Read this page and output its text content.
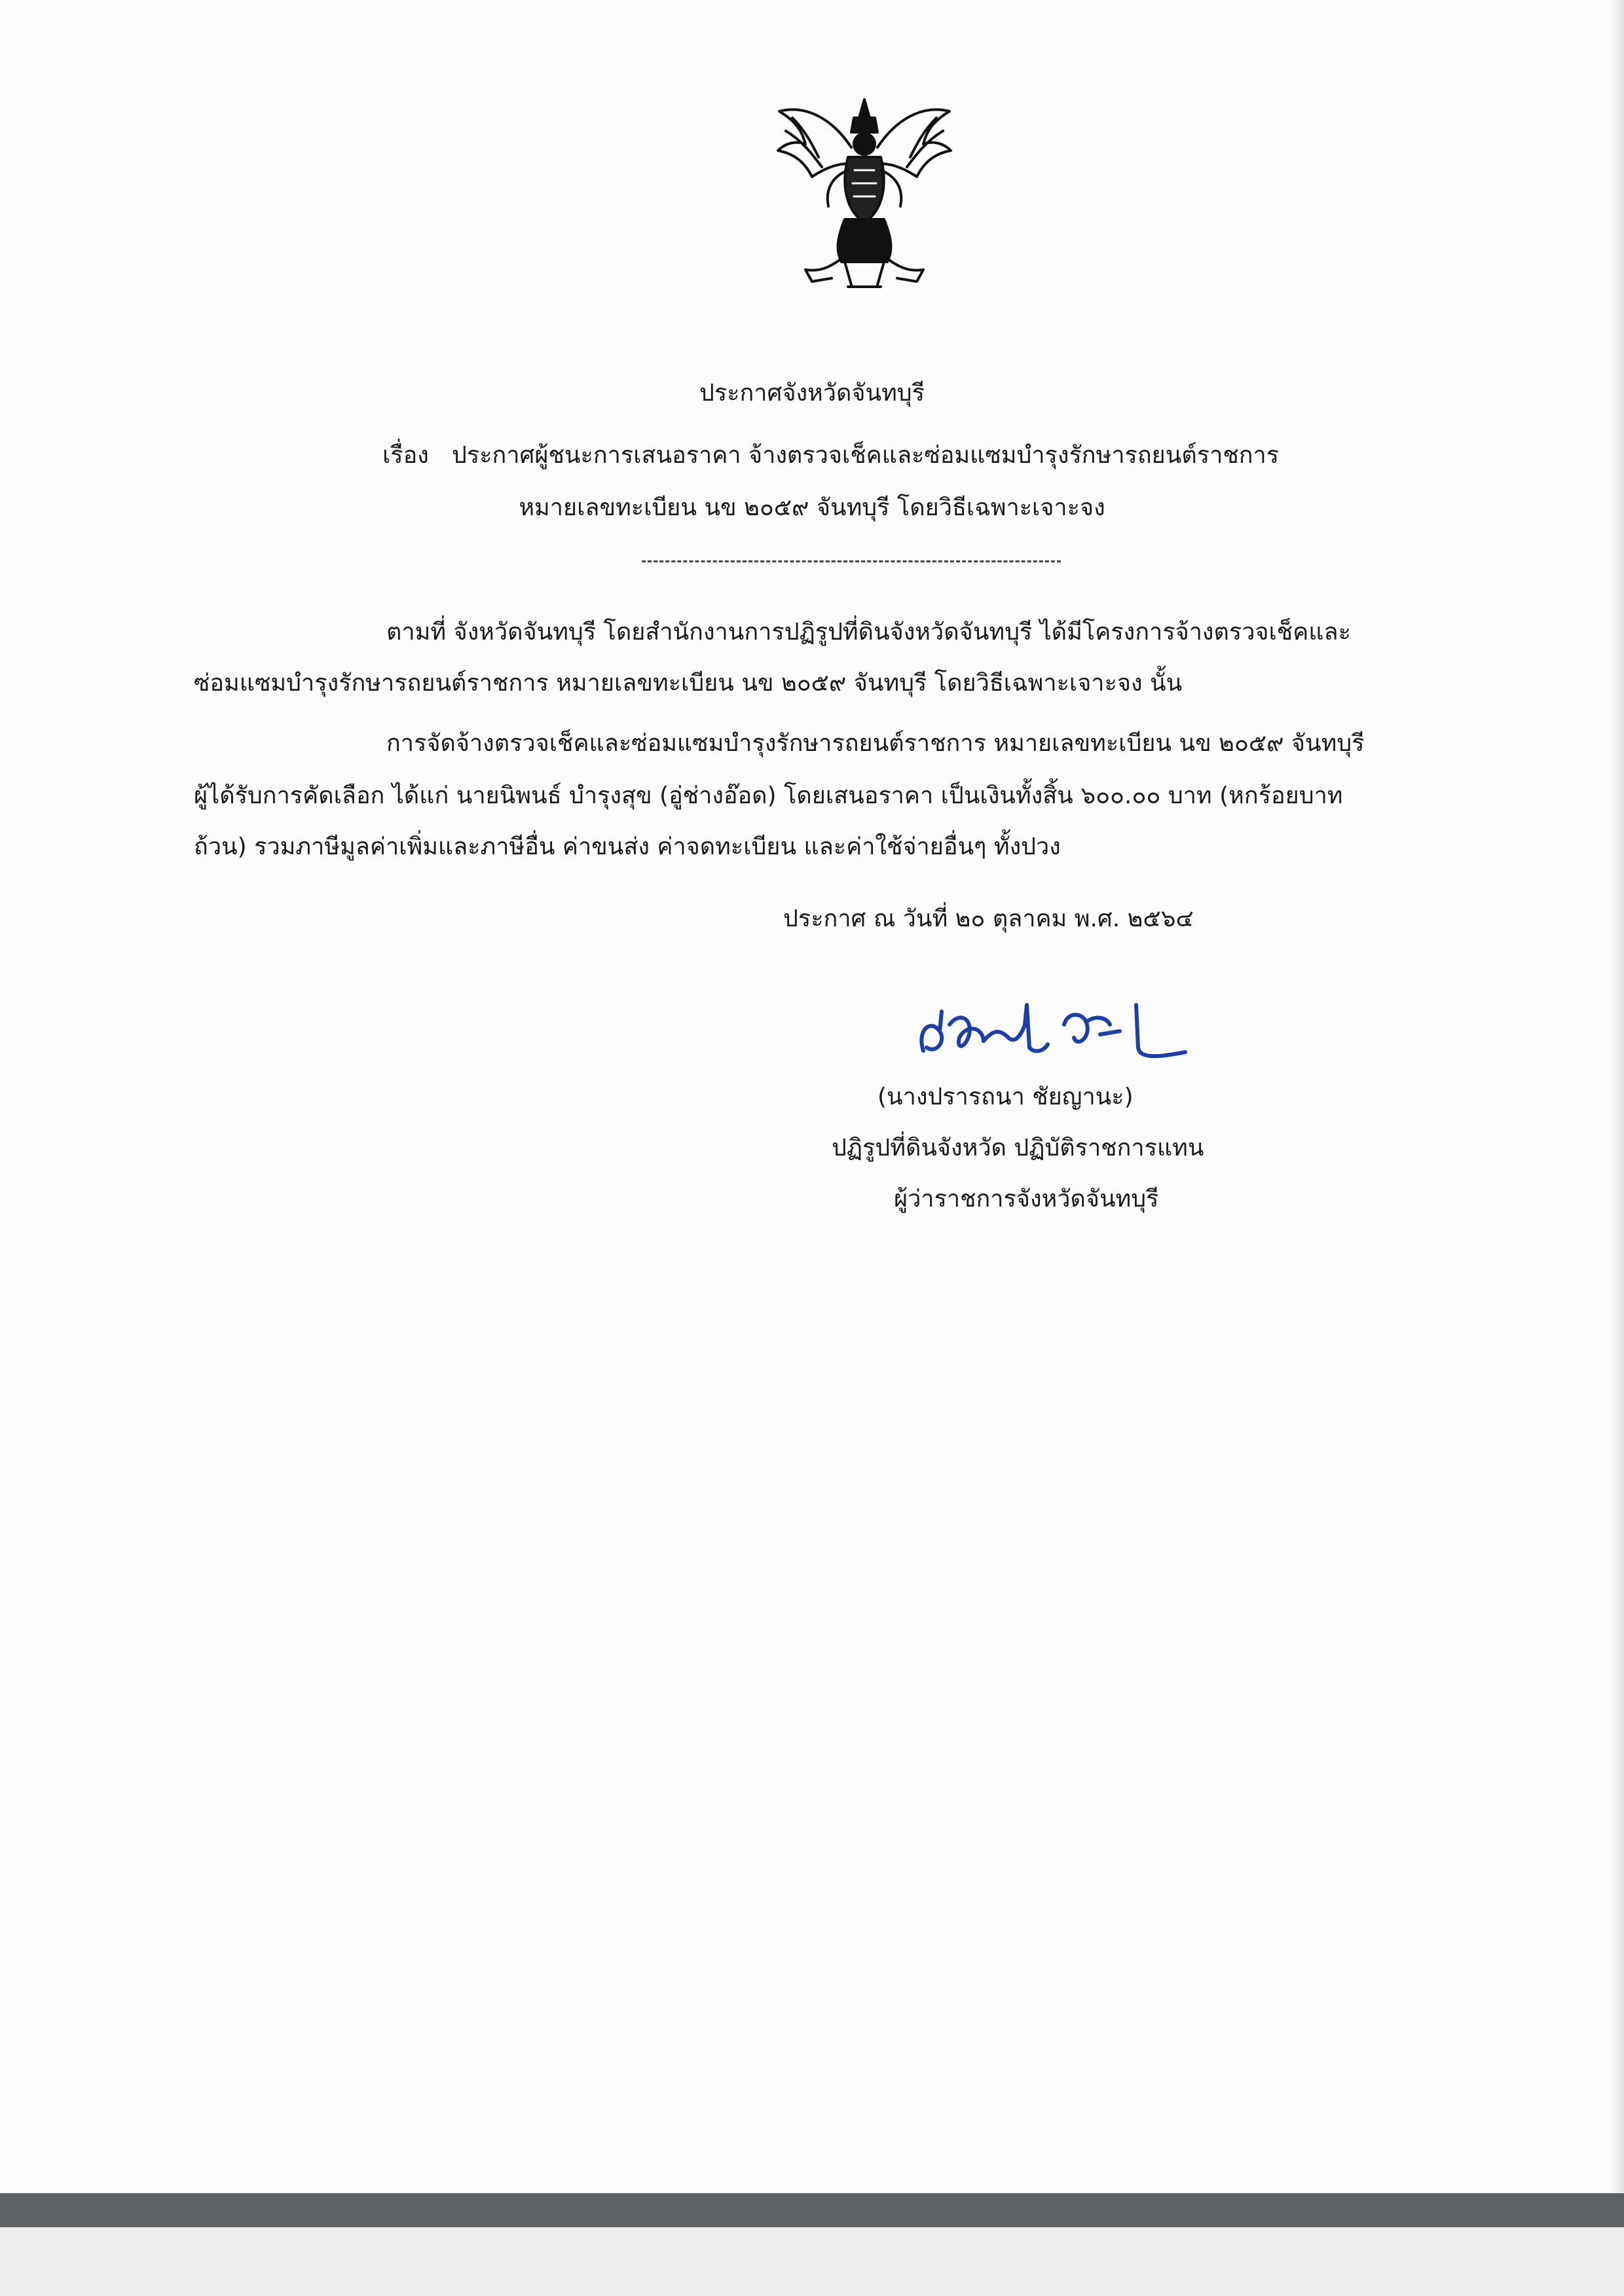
ประกาศจังหวัดจันทบุรี
เรื่อง ประกาศผู้ชนะการเสนอราคา จ้างตรวจเช็คและซ่อมแซมบำรุงรักษารถยนต์ราชการ
หมายเลขทะเบียน นข ๒๐๕๙ จันทบุรี โดยวิธีเฉพาะเจาะจง
ตามที่ จังหวัดจันทบุรี โดยสำนักงานการปฏิรูปที่ดินจังหวัดจันทบุรี ได้มีโครงการจ้างตรวจเช็คและ
ซ่อมแซมบำรุงรักษารถยนต์ราชการ หมายเลขทะเบียน นข ๒๐๕๙ จันทบุรี โดยวิธีเฉพาะเจาะจง นั้น
การจัดจ้างตรวจเช็คและซ่อมแซมบำรุงรักษารถยนต์ราชการ หมายเลขทะเบียน นข ๒๐๕๙ จันทบุรี
ผู้ได้รับการคัดเลือก ได้แก่ นายนิพนธ์ บำรุงสุข (อู่ช่างอ๊อด) โดยเสนอราคา เป็นเงินทั้งสิ้น ๖๐๐.๐๐ บาท (หกร้อยบาท
ถ้วน) รวมภาษีมูลค่าเพิ่มและภาษีอื่น ค่าขนส่ง ค่าจดทะเบียน และค่าใช้จ่ายอื่นๆ ทั้งปวง
ประกาศ ณ วันที่ ๒๐ ตุลาคม พ.ศ. ๒๕๖๔
(นางปรารถนา ชัยญานะ)
ปฏิรูปที่ดินจังหวัด ปฏิบัติราชการแทน
ผู้ว่าราชการจังหวัดจันทบุรี
